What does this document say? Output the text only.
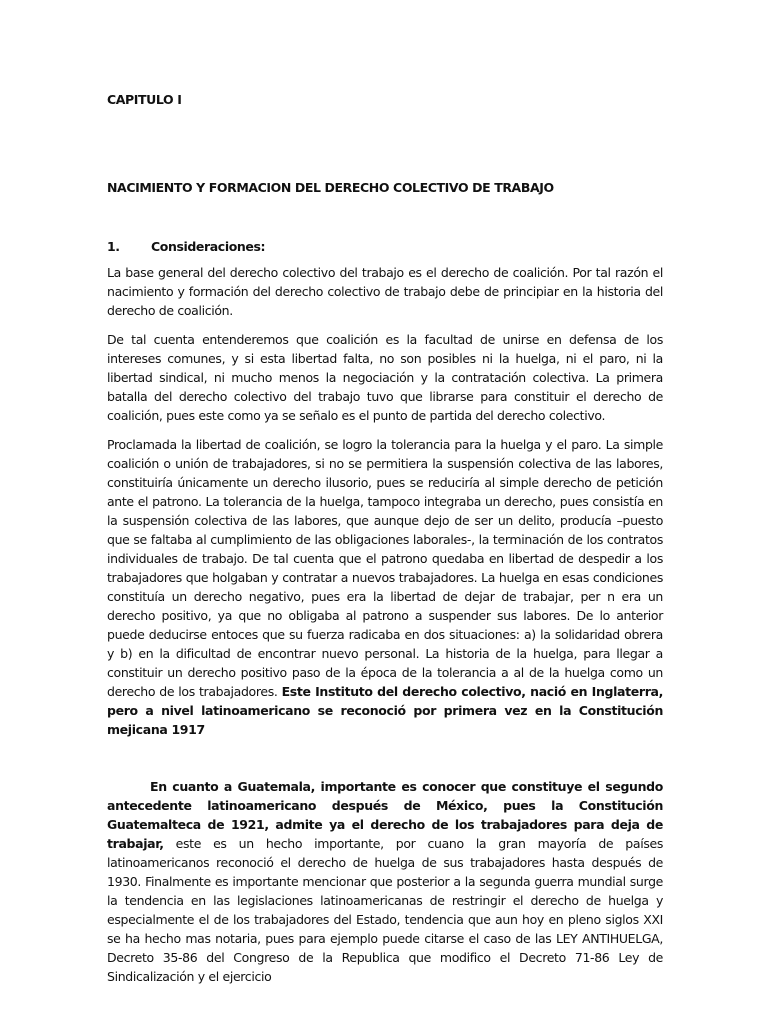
CAPITULO I

NACIMIENTO Y FORMACION DEL DERECHO COLECTIVO DE TRABAJO

1.	Consideraciones:

La base general del derecho colectivo del trabajo es el derecho de coalición. Por tal razón el nacimiento y formación del derecho colectivo de trabajo debe de principiar en la historia del derecho de coalición.

De tal cuenta entenderemos que coalición es la facultad de unirse en defensa de los intereses comunes, y si esta libertad falta, no son posibles ni la huelga, ni el paro, ni la libertad sindical, ni mucho menos la negociación y la contratación colectiva. La primera batalla del derecho colectivo del trabajo tuvo que librarse para constituir el derecho de coalición, pues este como ya se señalo es el punto de partida del derecho colectivo.

Proclamada la libertad de coalición, se logro la tolerancia para la huelga y el paro. La simple coalición o unión de trabajadores, si no se permitiera la suspensión colectiva de las labores, constituiría únicamente un derecho ilusorio, pues se reduciría al simple derecho de petición ante el patrono. La tolerancia de la huelga, tampoco integraba un derecho, pues consistía en la suspensión colectiva de las labores, que aunque dejo de ser un delito, producía –puesto que se faltaba al cumplimiento de las obligaciones laborales-, la terminación de los contratos individuales de trabajo. De tal cuenta que el patrono quedaba en libertad de despedir a los trabajadores que holgaban y contratar a nuevos trabajadores. La huelga en esas condiciones constituía un derecho negativo, pues era la libertad de dejar de trabajar, per n era un derecho positivo, ya que no obligaba al patrono a suspender sus labores. De lo anterior puede deducirse entoces que su fuerza radicaba en dos situaciones: a) la solidaridad obrera y b) en la dificultad de encontrar nuevo personal. La historia de la huelga, para llegar a constituir un derecho positivo paso de la época de la tolerancia a al de la huelga como un derecho de los trabajadores. Este Instituto del derecho colectivo, nació en Inglaterra, pero a nivel latinoamericano se reconoció por primera vez en la Constitución mejicana 1917

En cuanto a Guatemala, importante es conocer que constituye el segundo antecedente latinoamericano después de México, pues la Constitución Guatemalteca de 1921, admite ya el derecho de los trabajadores para deja de trabajar, este es un hecho importante, por cuano la gran mayoría de países latinoamericanos reconoció el derecho de huelga de sus trabajadores hasta después de 1930. Finalmente es importante mencionar que posterior a la segunda guerra mundial surge la tendencia en las legislaciones latinoamericanas de restringir el derecho de huelga y especialmente el de los trabajadores del Estado, tendencia que aun hoy en pleno siglos XXI se ha hecho mas notaria, pues para ejemplo puede citarse el caso de las LEY ANTIHUELGA, Decreto 35-86 del Congreso de la Republica que modifico el Decreto 71-86 Ley de Sindicalización y el ejercicio
